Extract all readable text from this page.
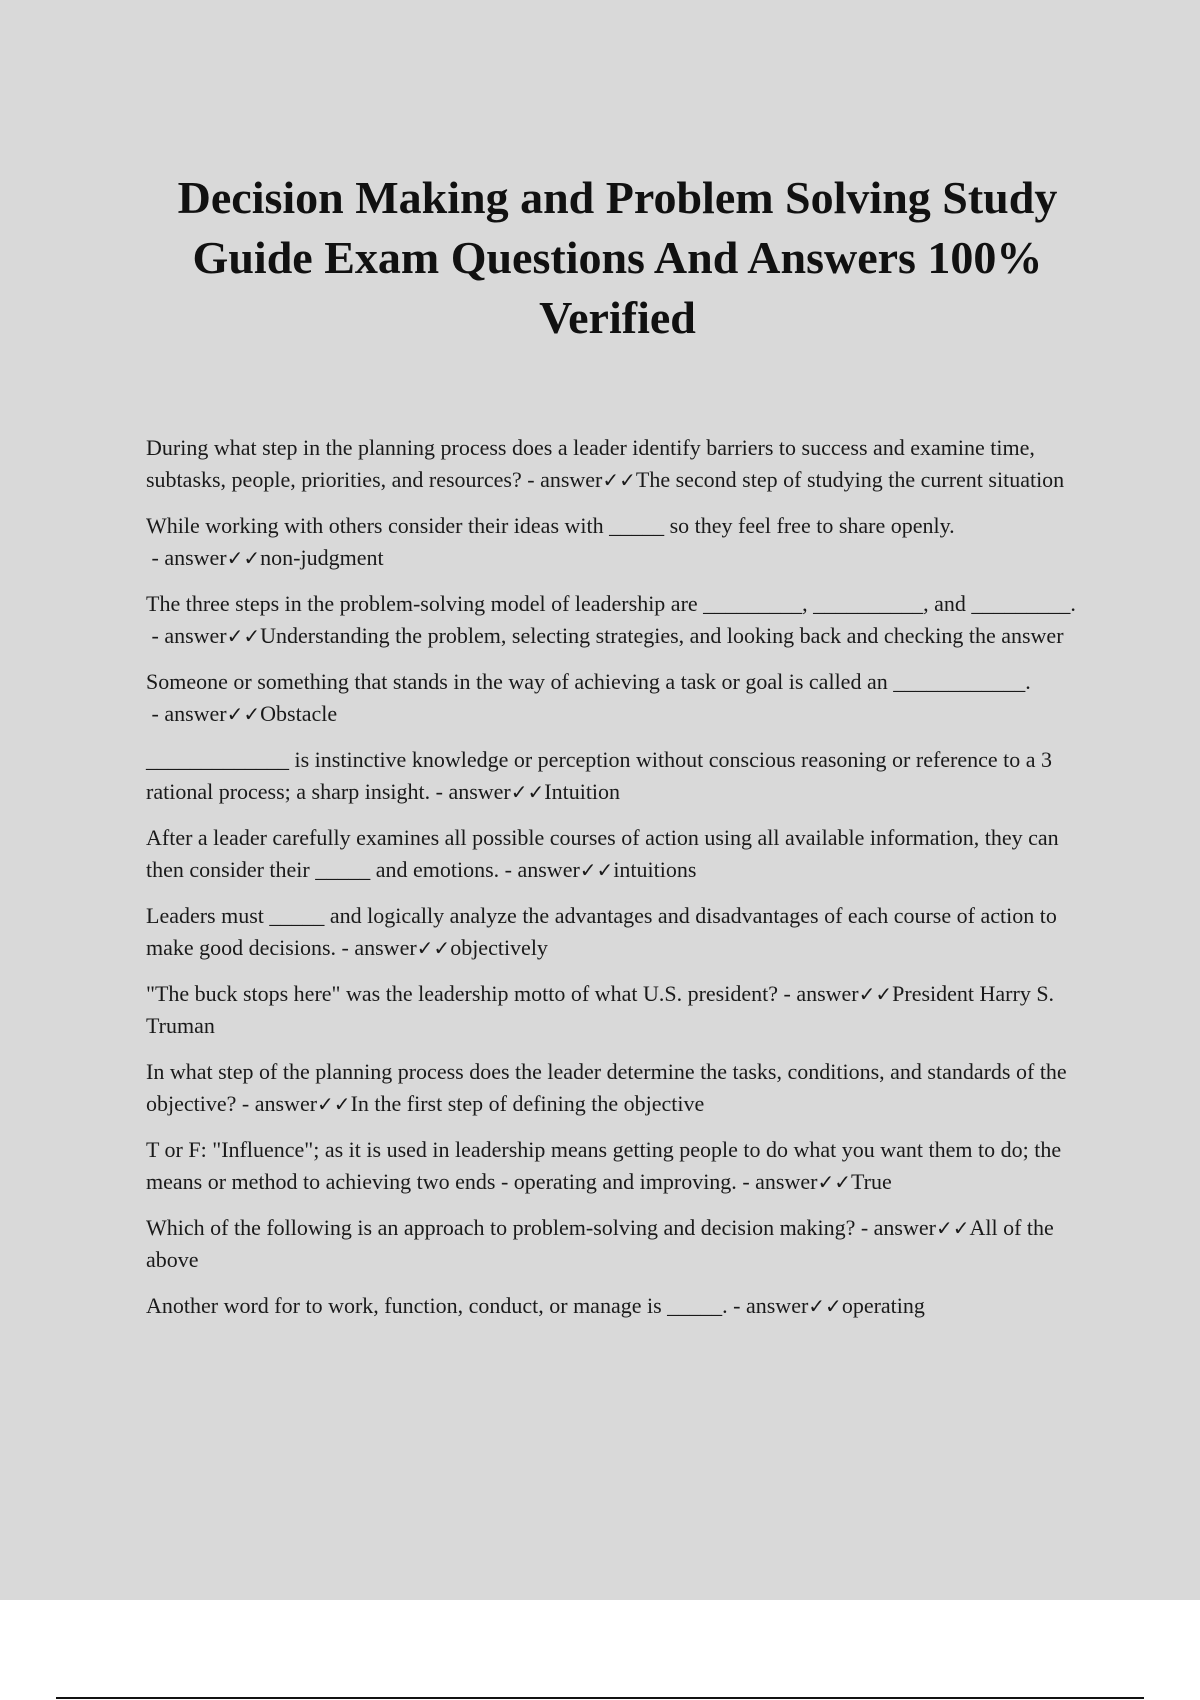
Decision Making and Problem Solving Study Guide Exam Questions And Answers 100% Verified

During what step in the planning process does a leader identify barriers to success and examine time, subtasks, people, priorities, and resources? - answer✓✓The second step of studying the current situation

While working with others consider their ideas with _____ so they feel free to share openly. - answer✓✓non-judgment

The three steps in the problem-solving model of leadership are _________, __________, and _________. - answer✓✓Understanding the problem, selecting strategies, and looking back and checking the answer

Someone or something that stands in the way of achieving a task or goal is called an ____________. - answer✓✓Obstacle

_____________ is instinctive knowledge or perception without conscious reasoning or reference to a 3 rational process; a sharp insight. - answer✓✓Intuition

After a leader carefully examines all possible courses of action using all available information, they can then consider their _____ and emotions. - answer✓✓intuitions

Leaders must _____ and logically analyze the advantages and disadvantages of each course of action to make good decisions. - answer✓✓objectively

"The buck stops here" was the leadership motto of what U.S. president? - answer✓✓President Harry S. Truman

In what step of the planning process does the leader determine the tasks, conditions, and standards of the objective? - answer✓✓In the first step of defining the objective

T or F: "Influence"; as it is used in leadership means getting people to do what you want them to do; the means or method to achieving two ends - operating and improving. - answer✓✓True

Which of the following is an approach to problem-solving and decision making? - answer✓✓All of the above

Another word for to work, function, conduct, or manage is _____. - answer✓✓operating
